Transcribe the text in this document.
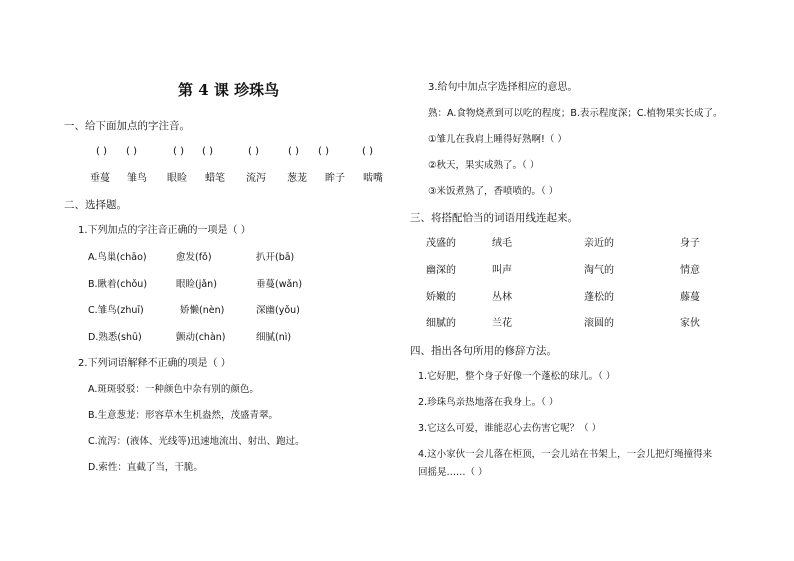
第 4 课 珍珠鸟
一、给下面加点的字注音。
( ) ( )	( ) ( )	( )	( ) ( )	( )
垂蔓 雏鸟 眼睑 蜡笔 流泻 葱茏 眸子 啮嘴
二、选择题。
1.下列加点的字注音正确的一项是（ ）
A.鸟巢(chāo)	愈发(fǒ)	扒开(bā)
B.瞅着(chǒu)	眼睑(jǎn)	垂蔓(wǎn)
C.雏鸟(zhuī)	娇懒(nèn)	深幽(yǒu)
D.熟悉(shū)	颤动(chàn)	细腻(nì)
2.下列词语解释不正确的项是（ ）
A.斑斑驳驳：一种颜色中杂有别的颜色。
B.生意葱茏：形容草木生机盎然，茂盛青翠。
C.流泻：(液体、光线等)迅速地流出、射出、跑过。
D.索性：直截了当，干脆。
3.给句中加点字选择相应的意思。
熟：A.食物烧煮到可以吃的程度；B.表示程度深；C.植物果实长成了。
①雏儿在我肩上睡得好熟啊!（ ）
②秋天，果实成熟了。（ ）
③米饭煮熟了，香喷喷的。（ ）
三、将搭配恰当的词语用线连起来。
茂盛的	绒毛	亲近的	身子
幽深的	叫声	淘气的	情意
娇嫩的	丛林	蓬松的	藤蔓
细腻的	兰花	滚圆的	家伙
四、指出各句所用的修辞方法。
1.它好肥，整个身子好像一个蓬松的球儿。（ ）
2.珍珠鸟亲热地落在我身上。（ ）
3.它这么可爱，谁能忍心去伤害它呢？（ ）
4.这小家伙一会儿落在柜顶，一会儿站在书架上，一会儿把灯绳撞得来
回摇晃……（ ）
